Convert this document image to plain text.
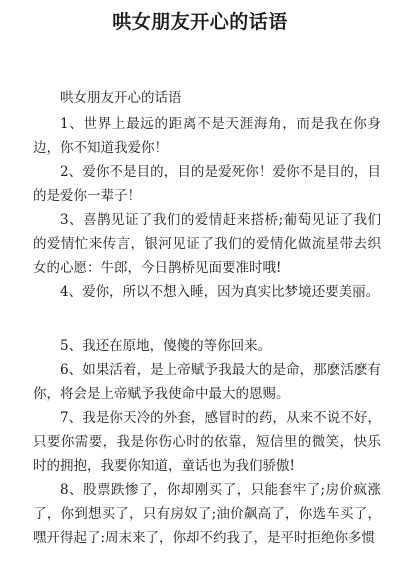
哄女朋友开心的话语

哄女朋友开心的话语

1、世界上最远的距离不是天涯海角，而是我在你身边，你不知道我爱你！

2、爱你不是目的，目的是爱死你！爱你不是目的，目的是爱你一辈子！

3、喜鹊见证了我们的爱情赶来搭桥;葡萄见证了我们的爱情忙来传言，银河见证了我们的爱情化做流星带去织女的心愿：牛郎，今日鹊桥见面要准时哦!

4、爱你，所以不想入睡，因为真实比梦境还要美丽。

5、我还在原地，傻傻的等你回来。

6、如果活着，是上帝赋予我最大的是命，那麽活麽有你，将会是上帝赋予我使命中最大的恩赐。

7、我是你天冷的外套，感冒时的药，从来不说不好，只要你需要，我是你伤心时的依靠，短信里的微笑，快乐时的拥抱，我要你知道，童话也为我们骄傲!

8、股票跌惨了，你却刚买了，只能套牢了;房价疯涨了，你到想买了，只有房奴了;油价飙高了，你选车买了，嘿开得起了:周末来了，你却不约我了，是平时拒绝你多惯
